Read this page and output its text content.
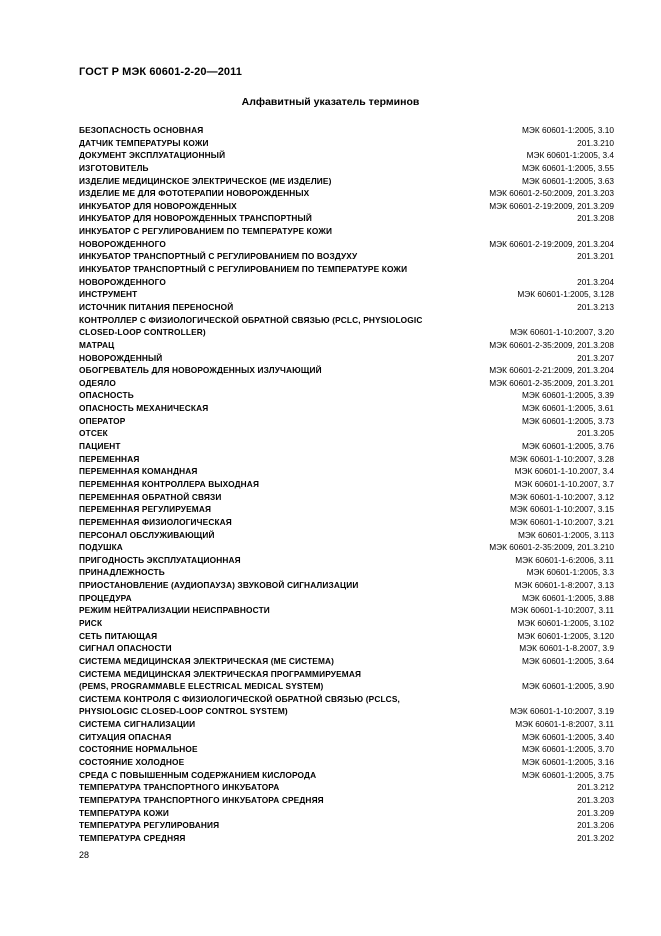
ГОСТ Р МЭК 60601-2-20—2011
Алфавитный указатель терминов
БЕЗОПАСНОСТЬ ОСНОВНАЯ	МЭК 60601-1:2005, 3.10
ДАТЧИК ТЕМПЕРАТУРЫ КОЖИ	201.3.210
ДОКУМЕНТ ЭКСПЛУАТАЦИОННЫЙ	МЭК 60601-1:2005, 3.4
ИЗГОТОВИТЕЛЬ	МЭК 60601-1:2005, 3.55
ИЗДЕЛИЕ МЕДИЦИНСКОЕ ЭЛЕКТРИЧЕСКОЕ (МЕ ИЗДЕЛИЕ)	МЭК 60601-1:2005, 3.63
ИЗДЕЛИЕ МЕ ДЛЯ ФОТОТЕРАПИИ НОВОРОЖДЕННЫХ	МЭК 60601-2-50:2009, 201.3.203
ИНКУБАТОР ДЛЯ НОВОРОЖДЕННЫХ	МЭК 60601-2-19:2009, 201.3.209
ИНКУБАТОР ДЛЯ НОВОРОЖДЕННЫХ ТРАНСПОРТНЫЙ	201.3.208
ИНКУБАТОР С РЕГУЛИРОВАНИЕМ ПО ТЕМПЕРАТУРЕ КОЖИ
НОВОРОЖДЕННОГО	МЭК 60601-2-19:2009, 201.3.204
ИНКУБАТОР ТРАНСПОРТНЫЙ С РЕГУЛИРОВАНИЕМ ПО ВОЗДУХУ	201.3.201
ИНКУБАТОР ТРАНСПОРТНЫЙ С РЕГУЛИРОВАНИЕМ ПО ТЕМПЕРАТУРЕ КОЖИ
НОВОРОЖДЕННОГО	201.3.204
ИНСТРУМЕНТ	МЭК 60601-1:2005, 3.128
ИСТОЧНИК ПИТАНИЯ ПЕРЕНОСНОЙ	201.3.213
КОНТРОЛЛЕР С ФИЗИОЛОГИЧЕСКОЙ ОБРАТНОЙ СВЯЗЬЮ (PCLC, PHYSIOLOGIC
CLOSED-LOOP CONTROLLER)	МЭК 60601-1-10:2007, 3.20
МАТРАЦ	МЭК 60601-2-35:2009, 201.3.208
НОВОРОЖДЕННЫЙ	201.3.207
ОБОГРЕВАТЕЛЬ ДЛЯ НОВОРОЖДЕННЫХ ИЗЛУЧАЮЩИЙ	МЭК 60601-2-21:2009, 201.3.204
ОДЕЯЛО	МЭК 60601-2-35:2009, 201.3.201
ОПАСНОСТЬ	МЭК 60601-1:2005, 3.39
ОПАСНОСТЬ МЕХАНИЧЕСКАЯ	МЭК 60601-1:2005, 3.61
ОПЕРАТОР	МЭК 60601-1:2005, 3.73
ОТСЕК	201.3.205
ПАЦИЕНТ	МЭК 60601-1:2005, 3.76
ПЕРЕМЕННАЯ	МЭК 60601-1-10:2007, 3.28
ПЕРЕМЕННАЯ КОМАНДНАЯ	МЭК 60601-1-10.2007, 3.4
ПЕРЕМЕННАЯ КОНТРОЛЛЕРА ВЫХОДНАЯ	МЭК 60601-1-10.2007, 3.7
ПЕРЕМЕННАЯ ОБРАТНОЙ СВЯЗИ	МЭК 60601-1-10:2007, 3.12
ПЕРЕМЕННАЯ РЕГУЛИРУЕМАЯ	МЭК 60601-1-10:2007, 3.15
ПЕРЕМЕННАЯ ФИЗИОЛОГИЧЕСКАЯ	МЭК 60601-1-10:2007, 3.21
ПЕРСОНАЛ ОБСЛУЖИВАЮЩИЙ	МЭК 60601-1:2005, 3.113
ПОДУШКА	МЭК 60601-2-35:2009, 201.3.210
ПРИГОДНОСТЬ ЭКСПЛУАТАЦИОННАЯ	МЭК 60601-1-6:2006, 3.11
ПРИНАДЛЕЖНОСТЬ	МЭК 60601-1:2005, 3.3
ПРИОСТАНОВЛЕНИЕ (АУДИОПАУЗА) ЗВУКОВОЙ СИГНАЛИЗАЦИИ	МЭК 60601-1-8:2007, 3.13
ПРОЦЕДУРА	МЭК 60601-1:2005, 3.88
РЕЖИМ НЕЙТРАЛИЗАЦИИ НЕИСПРАВНОСТИ	МЭК 60601-1-10:2007, 3.11
РИСК	МЭК 60601-1:2005, 3.102
СЕТЬ ПИТАЮЩАЯ	МЭК 60601-1:2005, 3.120
СИГНАЛ ОПАСНОСТИ	МЭК 60601-1-8.2007, 3.9
СИСТЕМА МЕДИЦИНСКАЯ ЭЛЕКТРИЧЕСКАЯ (МЕ СИСТЕМА)	МЭК 60601-1:2005, 3.64
СИСТЕМА МЕДИЦИНСКАЯ ЭЛЕКТРИЧЕСКАЯ ПРОГРАММИРУЕМАЯ
(PEMS, PROGRAMMABLE ELECTRICAL MEDICAL SYSTEM)	МЭК 60601-1:2005, 3.90
СИСТЕМА КОНТРОЛЯ С ФИЗИОЛОГИЧЕСКОЙ ОБРАТНОЙ СВЯЗЬЮ (PCLCS,
PHYSIOLOGIC CLOSED-LOOP CONTROL SYSTEM)	МЭК 60601-1-10:2007, 3.19
СИСТЕМА СИГНАЛИЗАЦИИ	МЭК 60601-1-8:2007, 3.11
СИТУАЦИЯ ОПАСНАЯ	МЭК 60601-1:2005, 3.40
СОСТОЯНИЕ НОРМАЛЬНОЕ	МЭК 60601-1:2005, 3.70
СОСТОЯНИЕ ХОЛОДНОЕ	МЭК 60601-1:2005, 3.16
СРЕДА С ПОВЫШЕННЫМ СОДЕРЖАНИЕМ КИСЛОРОДА	МЭК 60601-1:2005, 3.75
ТЕМПЕРАТУРА ТРАНСПОРТНОГО ИНКУБАТОРА	201.3.212
ТЕМПЕРАТУРА ТРАНСПОРТНОГО ИНКУБАТОРА СРЕДНЯЯ	201.3.203
ТЕМПЕРАТУРА КОЖИ	201.3.209
ТЕМПЕРАТУРА РЕГУЛИРОВАНИЯ	201.3.206
ТЕМПЕРАТУРА СРЕДНЯЯ	201.3.202
28
